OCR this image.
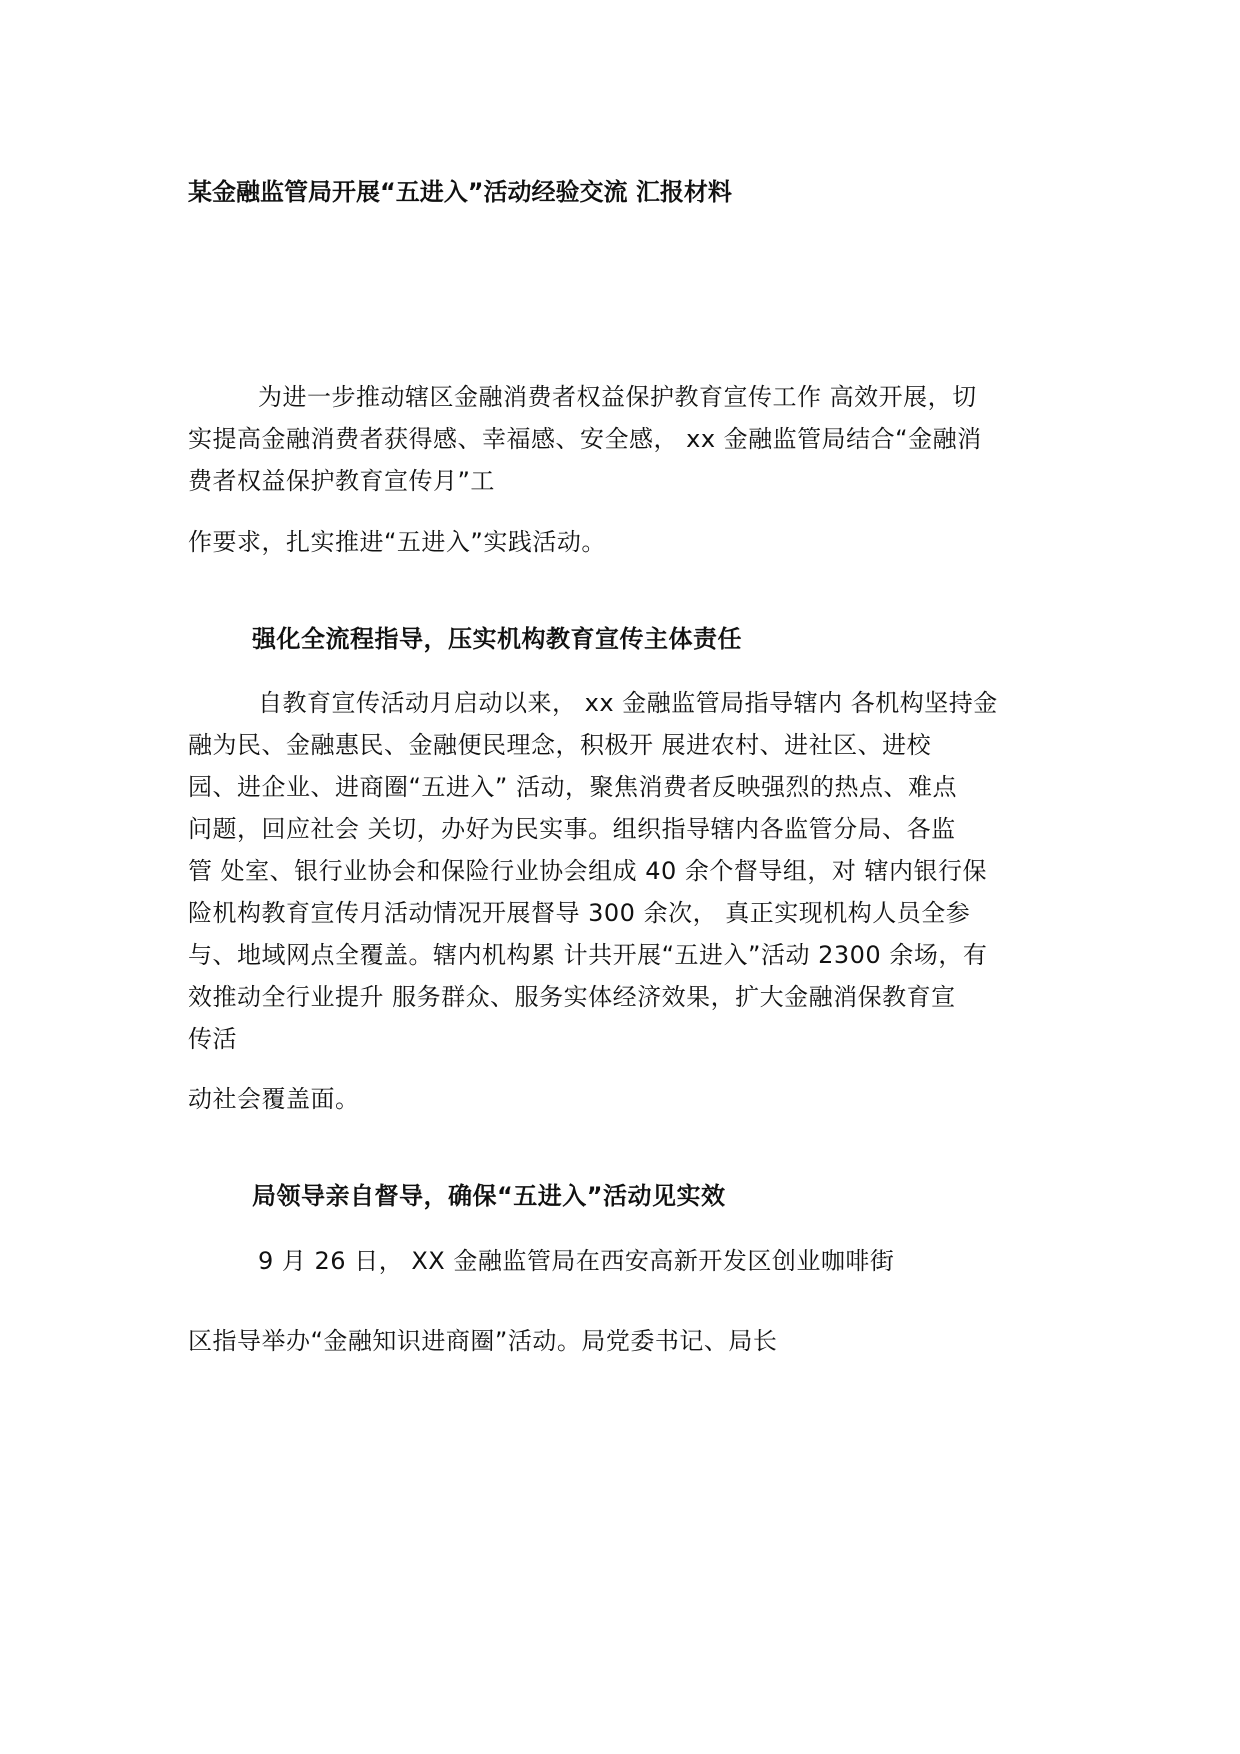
某金融监管局开展“五进入”活动经验交流 汇报材料
为进一步推动辖区金融消费者权益保护教育宣传工作 高效开展，切
实提高金融消费者获得感、幸福感、安全感， xx 金融监管局结合“金融消
费者权益保护教育宣传月”工
作要求，扎实推进“五进入”实践活动。
强化全流程指导，压实机构教育宣传主体责任
自教育宣传活动月启动以来， xx 金融监管局指导辖内 各机构坚持金
融为民、金融惠民、金融便民理念，积极开 展进农村、进社区、进校
园、进企业、进商圈“五进入” 活动，聚焦消费者反映强烈的热点、难点
问题，回应社会 关切，办好为民实事。组织指导辖内各监管分局、各监
管 处室、银行业协会和保险行业协会组成 40 余个督导组，对 辖内银行保
险机构教育宣传月活动情况开展督导 300 余次， 真正实现机构人员全参
与、地域网点全覆盖。辖内机构累 计共开展“五进入”活动 2300 余场，有
效推动全行业提升 服务群众、服务实体经济效果，扩大金融消保教育宣
传活
动社会覆盖面。
局领导亲自督导，确保“五进入”活动见实效
9 月 26 日， XX 金融监管局在西安高新开发区创业咖啡街
区指导举办“金融知识进商圈”活动。局党委书记、局长
